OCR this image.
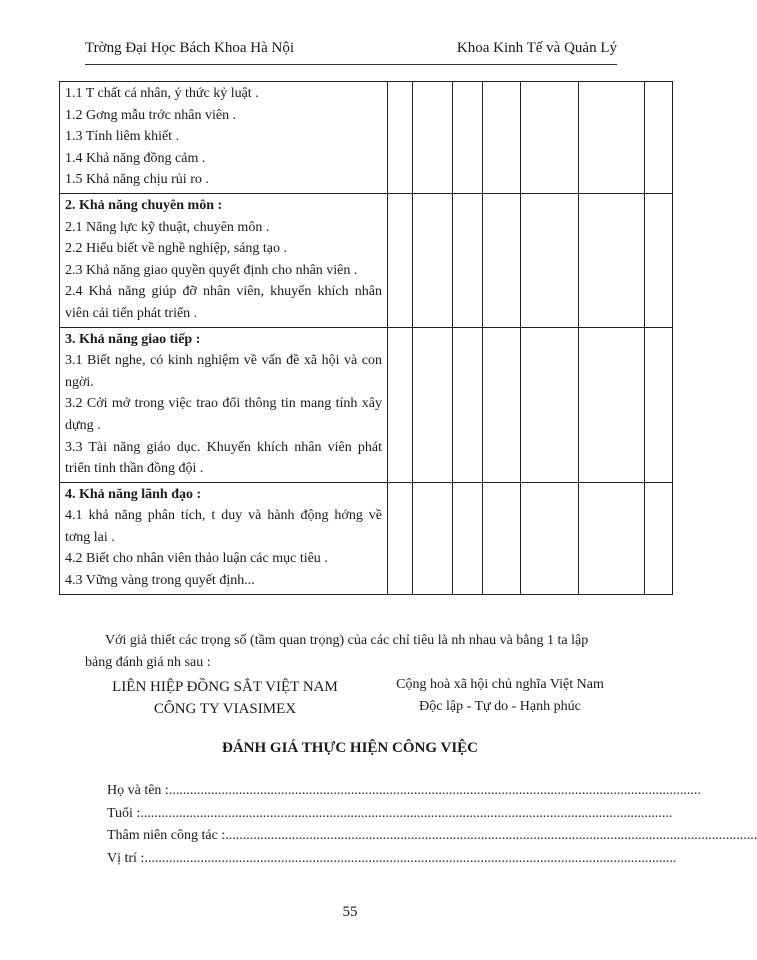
Trờng Đại Học Bách Khoa Hà Nội	Khoa Kinh Tế và Quản Lý
1.1 T chất cá nhân, ý thức kỷ luật .
1.2 Gơng mẫu trớc nhân viên .
1.3 Tính liêm khiết .
1.4 Khả năng đồng cảm .
1.5 Khả năng chịu rủi ro .							

2. Khả năng chuyên môn :
2.1 Năng lực kỹ thuật, chuyên môn .
2.2 Hiểu biết về nghề nghiệp, sáng tạo .
2.3 Khả năng giao quyền quyết định cho nhân viên .
2.4 Khả năng giúp đỡ nhân viên, khuyến khích nhân viên cải tiến phát triển .							

3. Khả năng giao tiếp :
3.1 Biết nghe, có kinh nghiệm về vấn đề xã hội và con ngời.
3.2 Cởi mở trong việc trao đổi thông tin mang tính xây dựng .
3.3 Tài năng giáo dục. Khuyến khích nhân viên phát triển tinh thần đồng đội .							

4. Khả năng lãnh đạo :
4.1 khả năng phân tích, t duy và hành động hớng về tơng lai .
4.2 Biết cho nhân viên thảo luận các mục tiêu .
4.3 Vững vàng trong quyết định...							

Với giả thiết các trọng số (tầm quan trọng) của các chỉ tiêu là nh nhau và bằng 1 ta lập bảng đánh giá nh sau :
LIÊN HIỆP ĐỒNG SẮT VIỆT NAM
CÔNG TY VIASIMEX
Cộng hoà xã hội chủ nghĩa Việt Nam
Độc lập - Tự do - Hạnh phúc
ĐÁNH GIÁ THỰC HIỆN CÔNG VIỆC
Họ và tên : ........................................................................................................................................................
Tuổi : ........................................................................................................................................................
Thâm niên công tác : ........................................................................................................................................................
Vị trí : ........................................................................................................................................................
55
